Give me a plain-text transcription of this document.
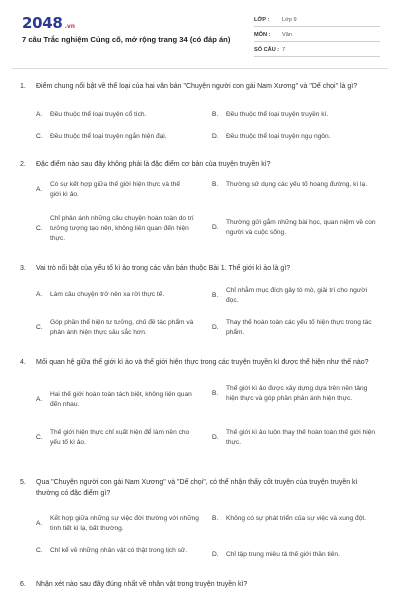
2048 .vn
7 câu Trắc nghiệm Củng cố, mở rộng trang 34 (có đáp án)
LỚP :	Lớp 9
MÔN :	Văn
SỐ CÂU : 7
1. Điểm chung nổi bật về thể loại của hai văn bản "Chuyện người con gái Nam Xương" và "Dế chọi" là gì?
A.	Đều thuộc thể loại truyện cổ tích.	B.	Đều thuộc thể loại truyện truyền kì.
C.	Đều thuộc thể loại truyện ngắn hiện đại.	D.	Đều thuộc thể loại truyện ngụ ngôn.
2. Đặc điểm nào sau đây không phải là đặc điểm cơ bản của truyện truyền kì?
A.
Có sự kết hợp giữa thế giới hiện thực và thế giới kì ảo.
B.	Thường sử dụng các yếu tố hoang đường, kì lạ.
C.
Chỉ phản ánh những câu chuyện hoàn toàn do trí tưởng tượng tạo nên, không liên quan đến hiện thực.
D.
Thường gửi gắm những bài học, quan niệm về con người và cuộc sống.
3. Vai trò nổi bật của yếu tố kì ảo trong các văn bản thuộc Bài 1. Thế giới kì ảo là gì?
A.	Làm câu chuyện trở nên xa rời thực tế.	B.
Chỉ nhằm mục đích gây tò mò, giải trí cho người đọc.
C.
Góp phần thể hiện tư tưởng, chủ đề tác phẩm và phản ánh hiện thực sâu sắc hơn.
D.
Thay thế hoàn toàn các yếu tố hiện thực trong tác phẩm.
4. Mối quan hệ giữa thế giới kì ảo và thế giới hiện thực trong các truyện truyền kì được thể hiện như thế nào?
A.
Hai thế giới hoàn toàn tách biệt, không liên quan đến nhau.
B.
Thế giới kì ảo được xây dựng dựa trên nền tảng hiện thực và góp phần phản ánh hiện thực.
C.
Thế giới hiện thực chỉ xuất hiện để làm nền cho yếu tố kì ảo.
D.
Thế giới kì ảo luôn thay thế hoàn toàn thế giới hiện thực.
5. Qua "Chuyện người con gái Nam Xương" và "Dế chọi", có thể nhận thấy cốt truyện của truyện truyền kì thường có đặc điểm gì?
A.
Kết hợp giữa những sự việc đời thường với những tình tiết kì lạ, bất thường.
B.	Không có sự phát triển của sự việc và xung đột.
C.	Chỉ kể về những nhân vật có thật trong lịch sử.
D.	Chỉ tập trung miêu tả thế giới thần tiên.
6. Nhận xét nào sau đây đúng nhất về nhân vật trong truyện truyền kì?
